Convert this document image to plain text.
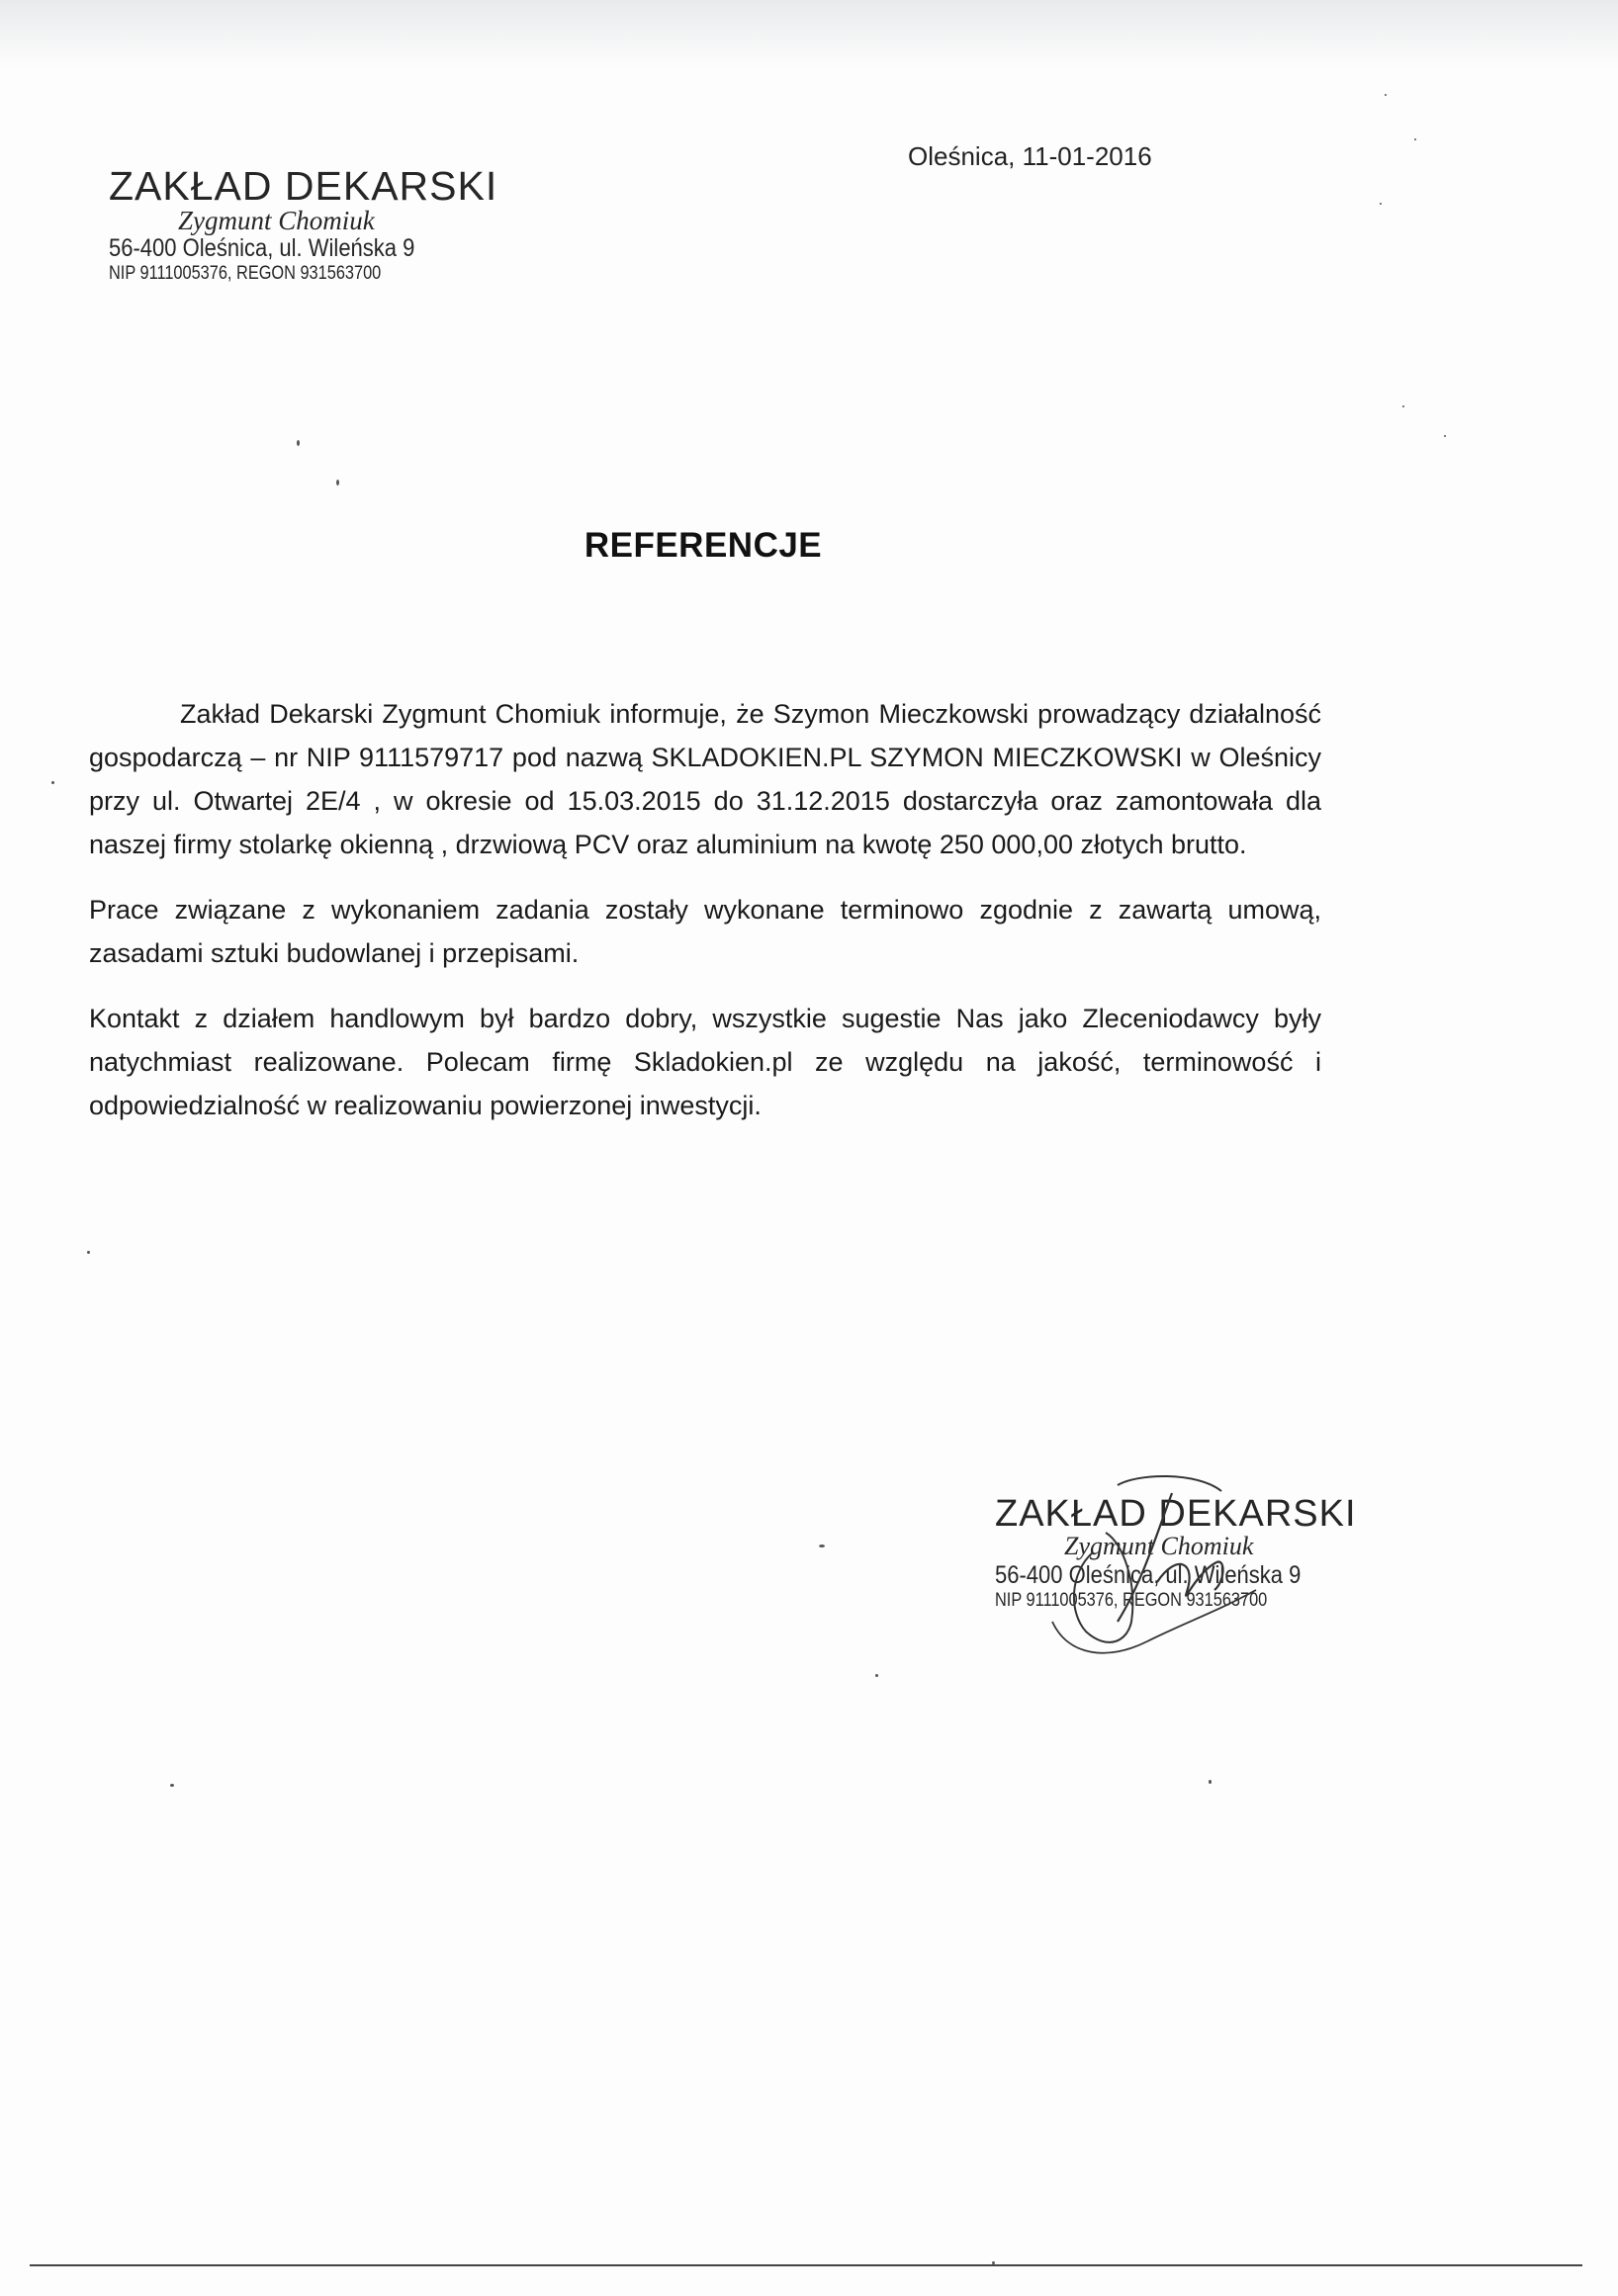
ZAKŁAD DEKARSKI
Zygmunt Chomiuk
56-400 Oleśnica, ul. Wileńska 9
NIP 9111005376, REGON 931563700
Oleśnica, 11-01-2016
REFERENCJE

Zakład Dekarski Zygmunt Chomiuk informuje, że Szymon Mieczkowski prowadzący działalność gospodarczą – nr NIP 9111579717 pod nazwą SKLADOKIEN.PL SZYMON MIECZKOWSKI w Oleśnicy przy ul. Otwartej 2E/4 , w okresie od 15.03.2015 do 31.12.2015 dostarczyła oraz zamontowała dla naszej firmy stolarkę okienną , drzwiową PCV oraz aluminium na kwotę 250 000,00 złotych brutto.

Prace związane z wykonaniem zadania zostały wykonane terminowo zgodnie z zawartą umową, zasadami sztuki budowlanej i przepisami.

Kontakt z działem handlowym był bardzo dobry, wszystkie sugestie Nas jako Zleceniodawcy były natychmiast realizowane. Polecam firmę Skladokien.pl ze względu na jakość, terminowość i odpowiedzialność w realizowaniu powierzonej inwestycji.

ZAKŁAD DEKARSKI
Zygmunt Chomiuk
56-400 Oleśnica, ul. Wileńska 9
NIP 9111005376, REGON 931563700
